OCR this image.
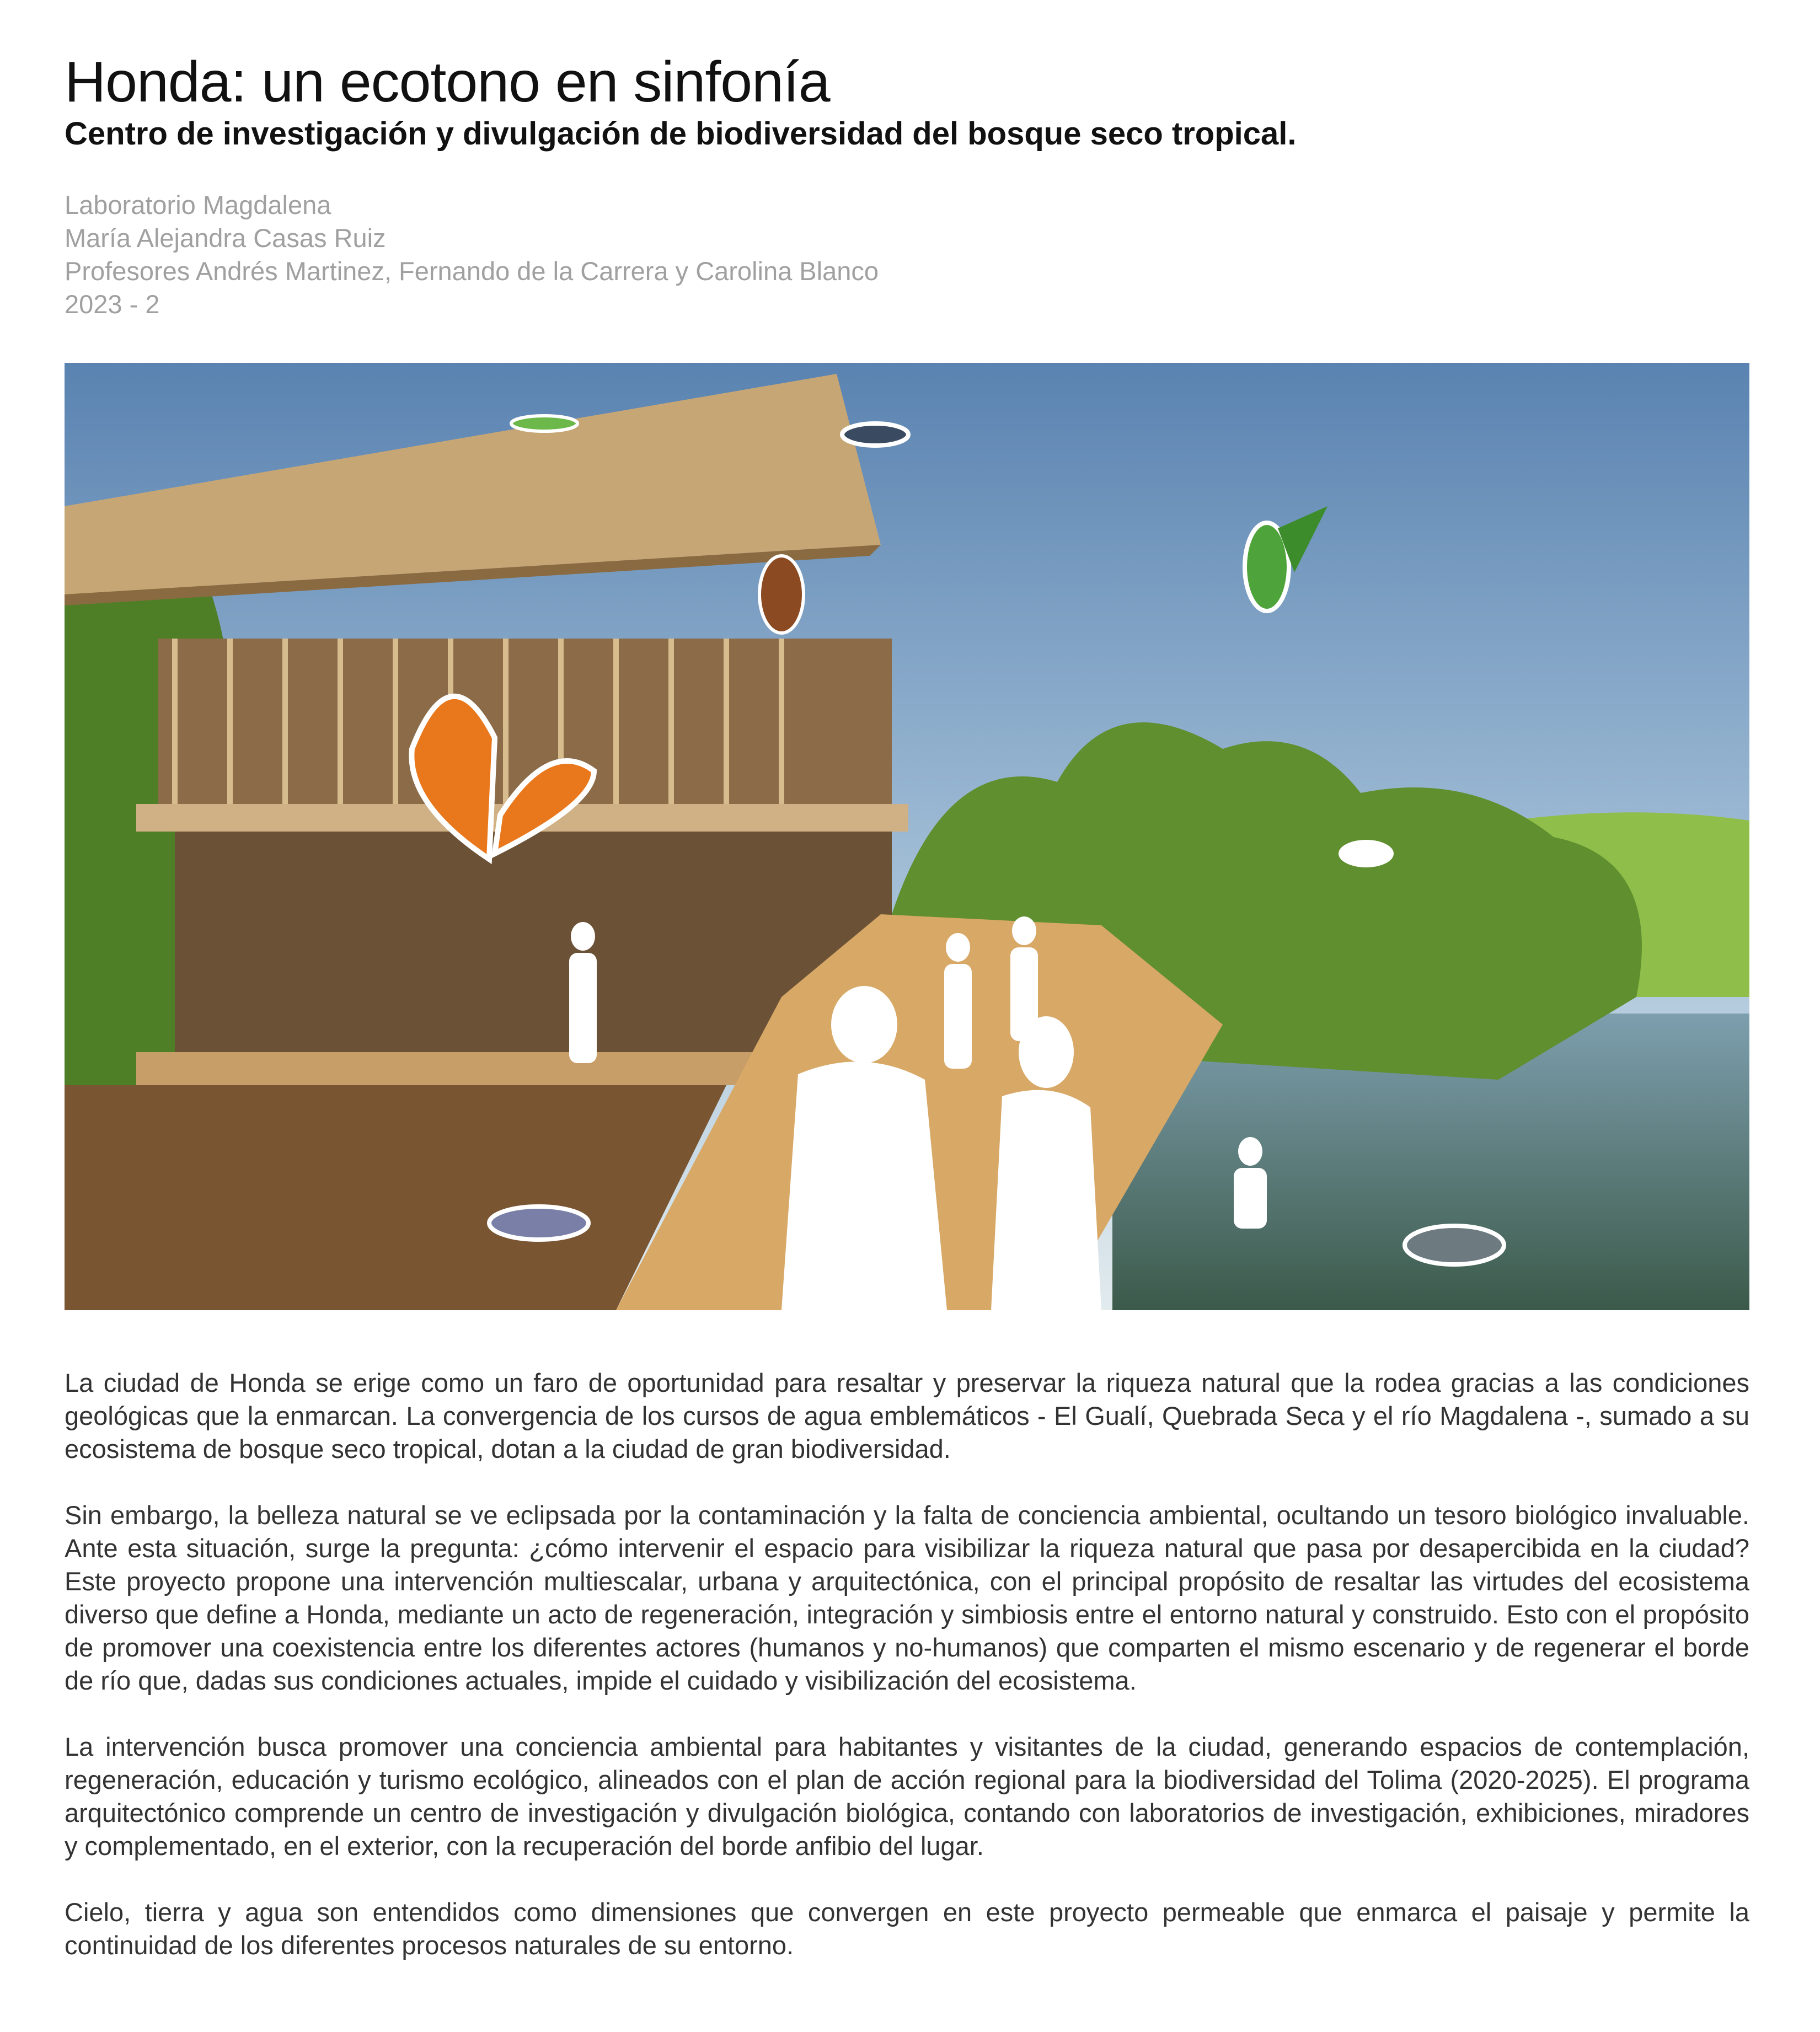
Honda: un ecotono en sinfonía
Centro de investigación y divulgación de biodiversidad del bosque seco tropical.
Laboratorio Magdalena
María Alejandra Casas Ruiz
Profesores Andrés Martinez, Fernando de la Carrera y Carolina Blanco
2023 - 2

La ciudad de Honda se erige como un faro de oportunidad para resaltar y preservar la riqueza natural que la rodea gracias a las condiciones geológicas que la enmarcan. La convergencia de los cursos de agua emblemáticos - El Gualí, Quebrada Seca y el río Magdalena -, sumado a su ecosistema de bosque seco tropical, dotan a la ciudad de gran biodiversidad.

Sin embargo, la belleza natural se ve eclipsada por la contaminación y la falta de conciencia ambiental, ocultando un tesoro biológico invaluable. Ante esta situación, surge la pregunta: ¿cómo intervenir el espacio para visibilizar la riqueza natural que pasa por desapercibida en la ciudad? Este proyecto propone una intervención multiescalar, urbana y arquitectónica, con el principal propósito de resaltar las virtudes del ecosistema diverso que define a Honda, mediante un acto de regeneración, integración y simbiosis entre el entorno natural y construido. Esto con el propósito de promover una coexistencia entre los diferentes actores (humanos y no-humanos) que comparten el mismo escenario y de regenerar el borde de río que, dadas sus condiciones actuales, impide el cuidado y visibilización del ecosistema.

La intervención busca promover una conciencia ambiental para habitantes y visitantes de la ciudad, generando espacios de contemplación, regeneración, educación y turismo ecológico, alineados con el plan de acción regional para la biodiversidad del Tolima (2020-2025). El programa arquitectónico comprende un centro de investigación y divulgación biológica, contando con laboratorios de investigación, exhibiciones, miradores y complementado, en el exterior, con la recuperación del borde anfibio del lugar.

Cielo, tierra y agua son entendidos como dimensiones que convergen en este proyecto permeable que enmarca el paisaje y permite la continuidad de los diferentes procesos naturales de su entorno.
